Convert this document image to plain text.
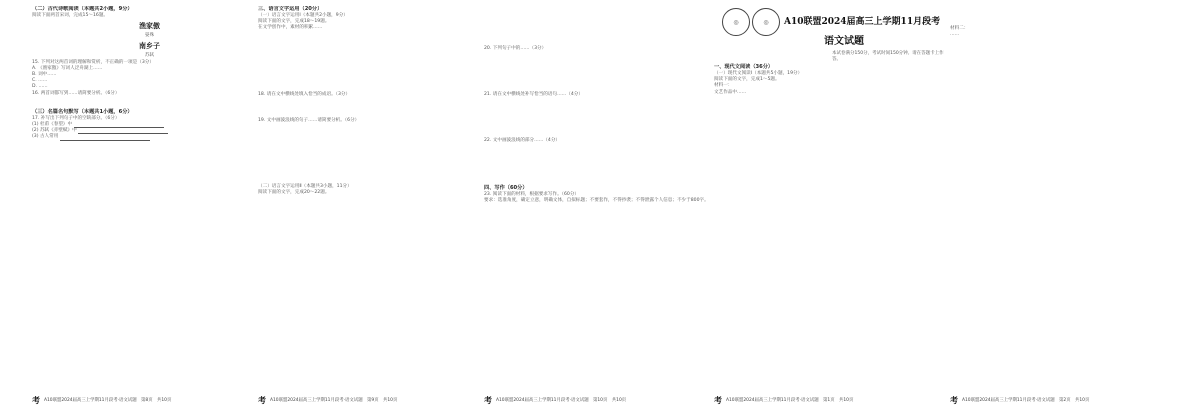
（二）古代诗歌阅读（本题共2小题，9分）
阅读下面两首宋词，完成15～16题。
渔家傲
晏殊
南乡子
苏轼
15. 下列对这两首词的理解和赏析，不正确的一项是（3分）
A. 《渔家傲》写词人泛舟湖上……
B. 词中……
C. ……
D. ……
16. 两首词都写到……请简要分析。（6分）
（三）名篇名句默写（本题共1小题，6分）
17. 补写出下列句子中的空缺部分。（6分）
(1) 杜甫《春望》中
(2) 苏轼《赤壁赋》中
(3) 古人常用
考 A10联盟2024届高三上学期11月段考·语文试题　第8页　共10页
三、语言文字运用（20分）
（一）语言文字运用Ⅰ（本题共2小题，9分）
阅读下面的文字，完成18～19题。
在文学创作中，素材的积累……
18. 请在文中横线处填入恰当的成语。（3分）
19. 文中画波浪线的句子……请简要分析。（6分）
（二）语言文字运用Ⅱ（本题共3小题，11分）
阅读下面的文字，完成20～22题。
考 A10联盟2024届高三上学期11月段考·语文试题　第9页　共10页
20. 下列句子中的……（3分）
21. 请在文中横线处补写恰当的语句……（4分）
22. 文中画波浪线的部分……（4分）
四、写作（60分）
23. 阅读下面的材料，根据要求写作。（60分）
要求：选准角度，确定立意，明确文体，自拟标题；不要套作，不得抄袭；不得泄露个人信息；不少于800字。
考 A10联盟2024届高三上学期11月段考·语文试题　第10页　共10页
◎	◎	A10联盟2024届高三上学期11月段考
语文试题
本试卷满分150分，考试时间150分钟。请在答题卡上作答。
一、现代文阅读（36分）
（一）现代文阅读Ⅰ（本题共5小题，19分）
阅读下面的文字，完成1～5题。
材料一：
文艺作品中……
考 A10联盟2024届高三上学期11月段考·语文试题　第1页　共10页
材料二：
……
考 A10联盟2024届高三上学期11月段考·语文试题　第2页　共10页
